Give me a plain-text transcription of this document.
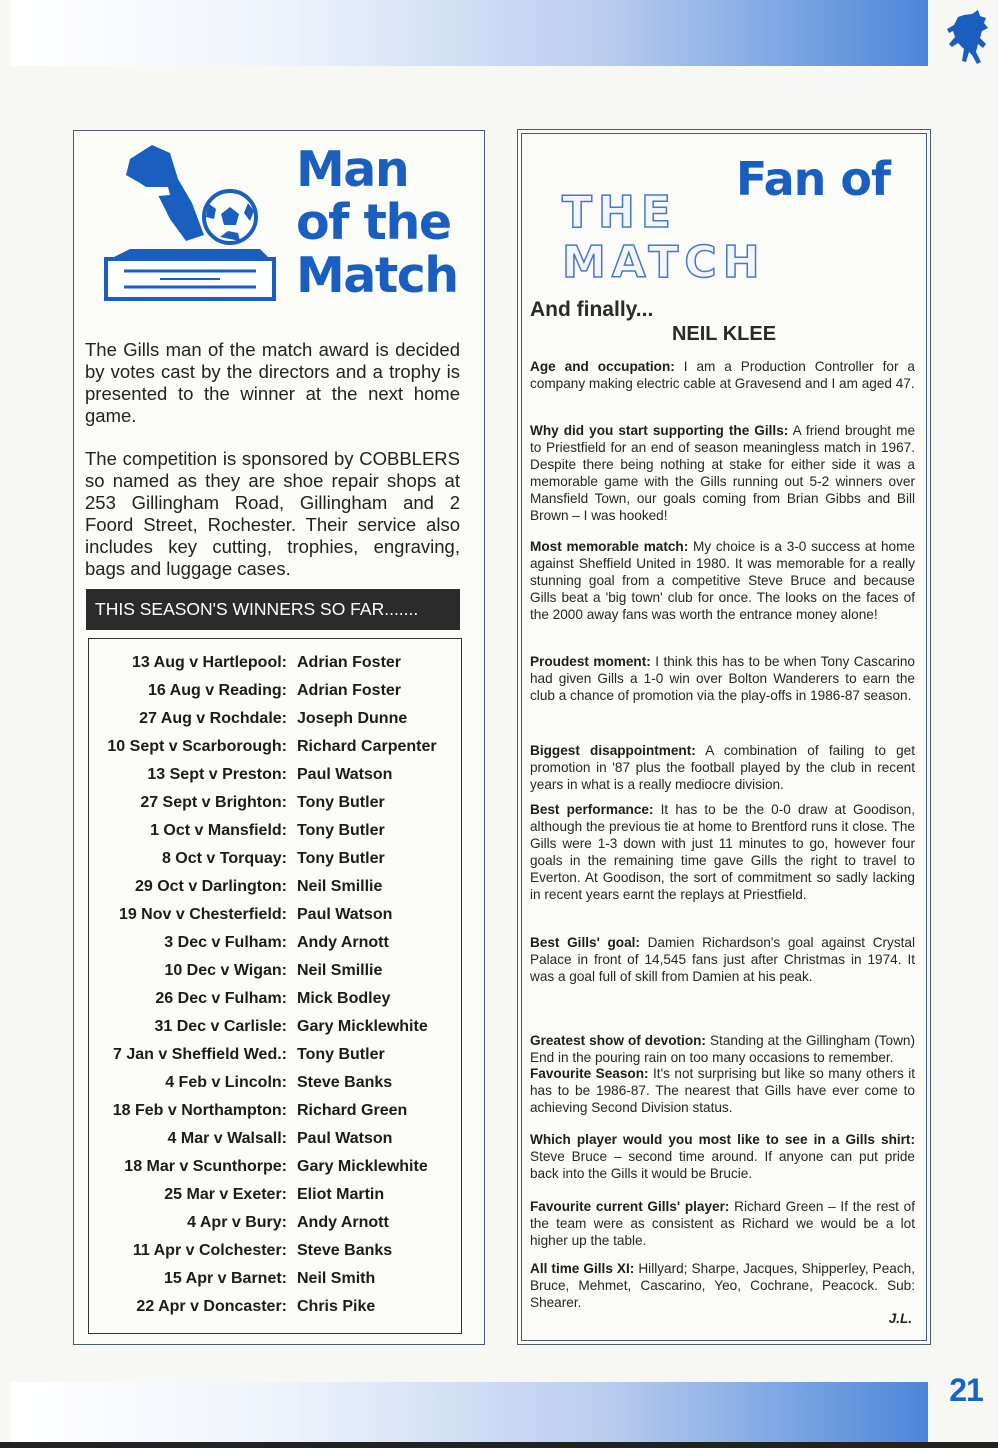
21
Man
of the
Match

The Gills man of the match award is decided by votes cast by the directors and a trophy is presented to the winner at the next home game.

The competition is sponsored by COBBLERS so named as they are shoe repair shops at 253 Gillingham Road, Gillingham and 2 Foord Street, Rochester. Their service also includes key cutting, trophies, engraving, bags and luggage cases.

THIS SEASON'S WINNERS SO FAR.......
13 Aug v Hartlepool: Adrian Foster
16 Aug v Reading: Adrian Foster
27 Aug v Rochdale: Joseph Dunne
10 Sept v Scarborough: Richard Carpenter
13 Sept v Preston: Paul Watson
27 Sept v Brighton: Tony Butler
1 Oct v Mansfield: Tony Butler
8 Oct v Torquay: Tony Butler
29 Oct v Darlington: Neil Smillie
19 Nov v Chesterfield: Paul Watson
3 Dec v Fulham: Andy Arnott
10 Dec v Wigan: Neil Smillie
26 Dec v Fulham: Mick Bodley
31 Dec v Carlisle: Gary Micklewhite
7 Jan v Sheffield Wed.: Tony Butler
4 Feb v Lincoln: Steve Banks
18 Feb v Northampton: Richard Green
4 Mar v Walsall: Paul Watson
18 Mar v Scunthorpe: Gary Micklewhite
25 Mar v Exeter: Eliot Martin
4 Apr v Bury: Andy Arnott
11 Apr v Colchester: Steve Banks
15 Apr v Barnet: Neil Smith
22 Apr v Doncaster: Chris Pike
Fan of
THE MATCH
And finally...
NEIL KLEE

Age and occupation: I am a Production Controller for a company making electric cable at Gravesend and I am aged 47.

Why did you start supporting the Gills: A friend brought me to Priestfield for an end of season meaningless match in 1967. Despite there being nothing at stake for either side it was a memorable game with the Gills running out 5-2 winners over Mansfield Town, our goals coming from Brian Gibbs and Bill Brown – I was hooked!

Most memorable match: My choice is a 3-0 success at home against Sheffield United in 1980. It was memorable for a really stunning goal from a competitive Steve Bruce and because Gills beat a 'big town' club for once. The looks on the faces of the 2000 away fans was worth the entrance money alone!

Proudest moment: I think this has to be when Tony Cascarino had given Gills a 1-0 win over Bolton Wanderers to earn the club a chance of promotion via the play-offs in 1986-87 season.

Biggest disappointment: A combination of failing to get promotion in '87 plus the football played by the club in recent years in what is a really mediocre division.

Best performance: It has to be the 0-0 draw at Goodison, although the previous tie at home to Brentford runs it close. The Gills were 1-3 down with just 11 minutes to go, however four goals in the remaining time gave Gills the right to travel to Everton. At Goodison, the sort of commitment so sadly lacking in recent years earnt the replays at Priestfield.

Best Gills' goal: Damien Richardson's goal against Crystal Palace in front of 14,545 fans just after Christmas in 1974. It was a goal full of skill from Damien at his peak.

Greatest show of devotion: Standing at the Gillingham (Town) End in the pouring rain on too many occasions to remember.

Favourite Season: It's not surprising but like so many others it has to be 1986-87. The nearest that Gills have ever come to achieving Second Division status.

Which player would you most like to see in a Gills shirt: Steve Bruce – second time around. If anyone can put pride back into the Gills it would be Brucie.

Favourite current Gills' player: Richard Green – If the rest of the team were as consistent as Richard we would be a lot higher up the table.

All time Gills XI: Hillyard; Sharpe, Jacques, Shipperley, Peach, Bruce, Mehmet, Cascarino, Yeo, Cochrane, Peacock. Sub: Shearer.

J.L.
